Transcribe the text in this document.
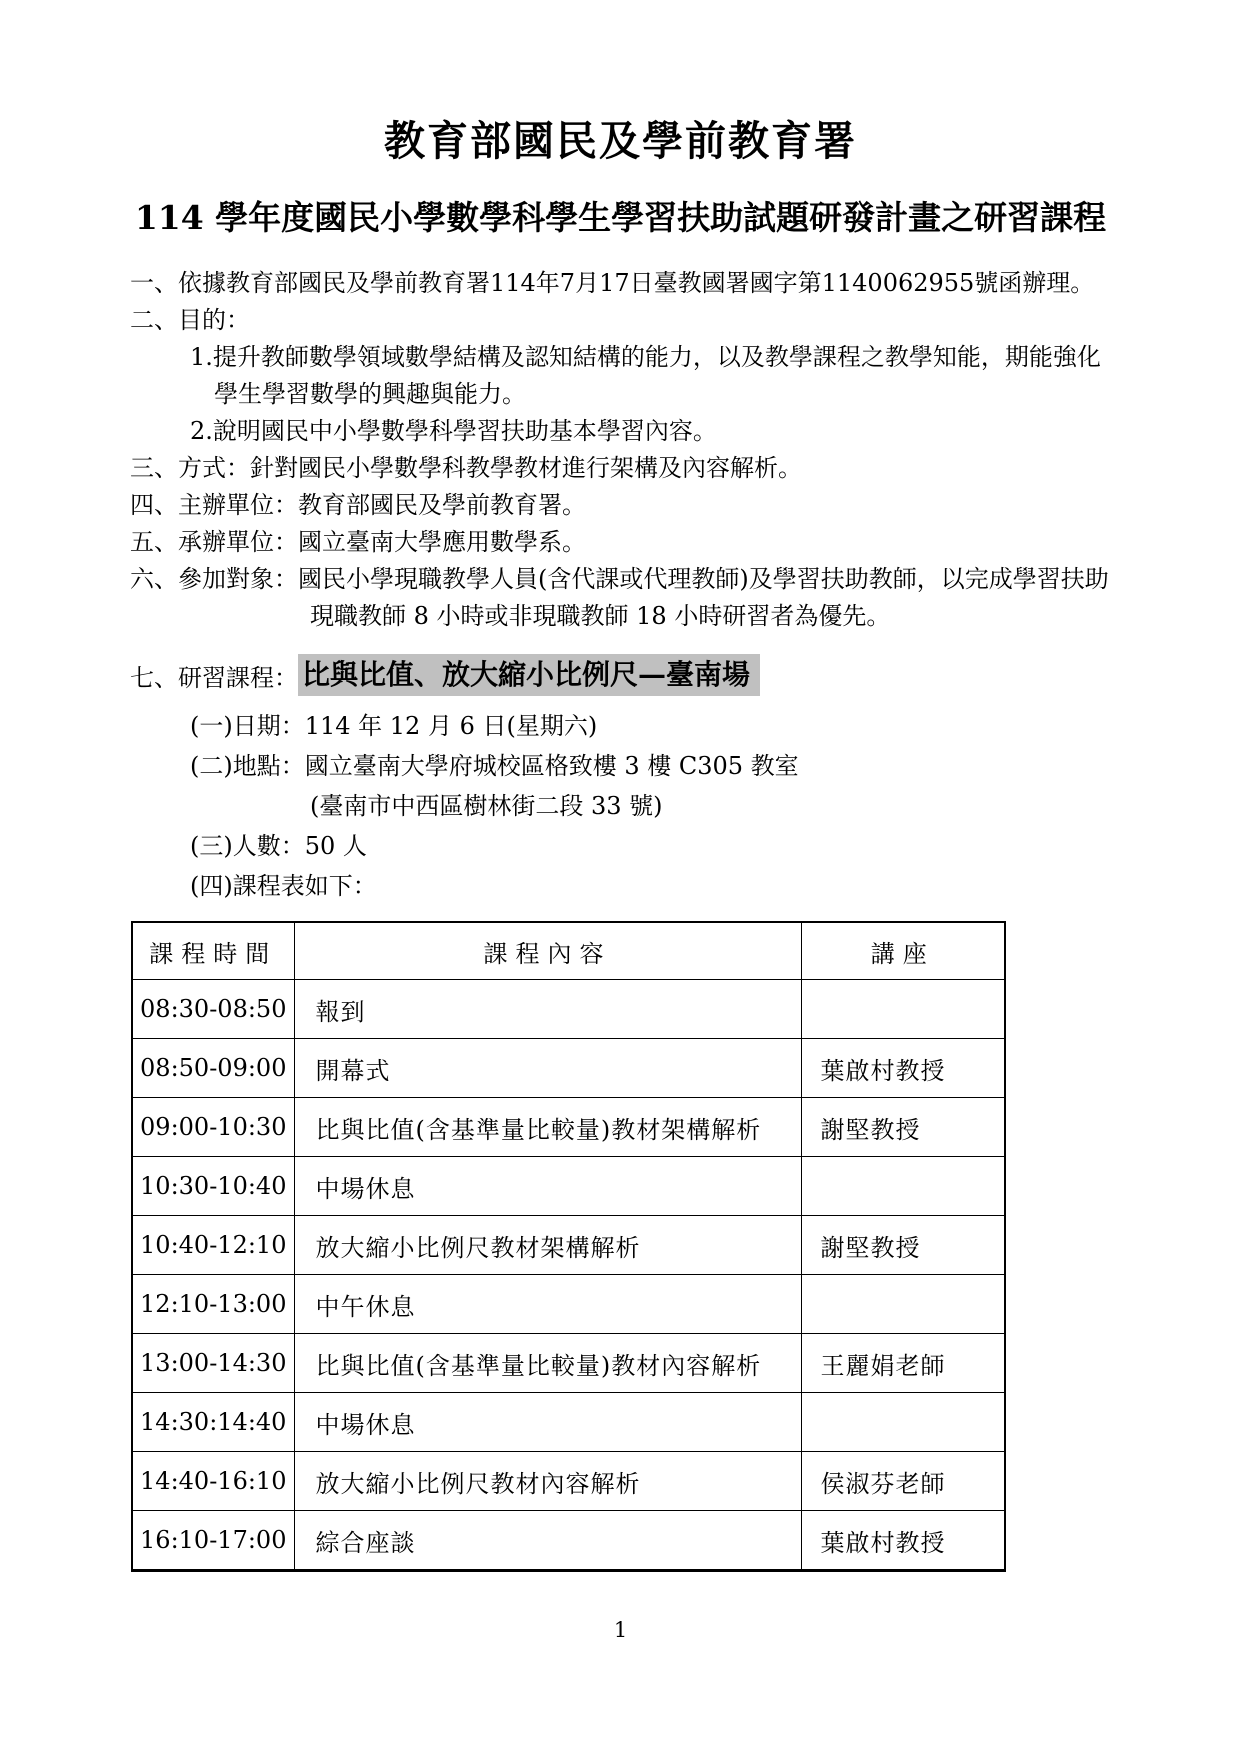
教育部國民及學前教育署
114 學年度國民小學數學科學生學習扶助試題研發計畫之研習課程
一、依據教育部國民及學前教育署114年7月17日臺教國署國字第1140062955號函辦理。
二、目的：
1.提升教師數學領域數學結構及認知結構的能力，以及教學課程之教學知能，期能強化
學生學習數學的興趣與能力。
2.說明國民中小學數學科學習扶助基本學習內容。
三、方式：針對國民小學數學科教學教材進行架構及內容解析。
四、主辦單位：教育部國民及學前教育署。
五、承辦單位：國立臺南大學應用數學系。
六、參加對象：國民小學現職教學人員(含代課或代理教師)及學習扶助教師，以完成學習扶助
現職教師 8 小時或非現職教師 18 小時研習者為優先。
七、研習課程： 比與比值、放大縮小比例尺—臺南場
(一)日期：114 年 12 月 6 日(星期六)
(二)地點：國立臺南大學府城校區格致樓 3 樓 C305 教室
(臺南市中西區樹林街二段 33 號)
(三)人數：50 人
(四)課程表如下：
課程時間	課程內容	講座
08:30-08:50	報到	
08:50-09:00	開幕式	葉啟村教授
09:00-10:30	比與比值(含基準量比較量)教材架構解析	謝堅教授
10:30-10:40	中場休息	
10:40-12:10	放大縮小比例尺教材架構解析	謝堅教授
12:10-13:00	中午休息	
13:00-14:30	比與比值(含基準量比較量)教材內容解析	王麗娟老師
14:30:14:40	中場休息	
14:40-16:10	放大縮小比例尺教材內容解析	侯淑芬老師
16:10-17:00	綜合座談	葉啟村教授
1
